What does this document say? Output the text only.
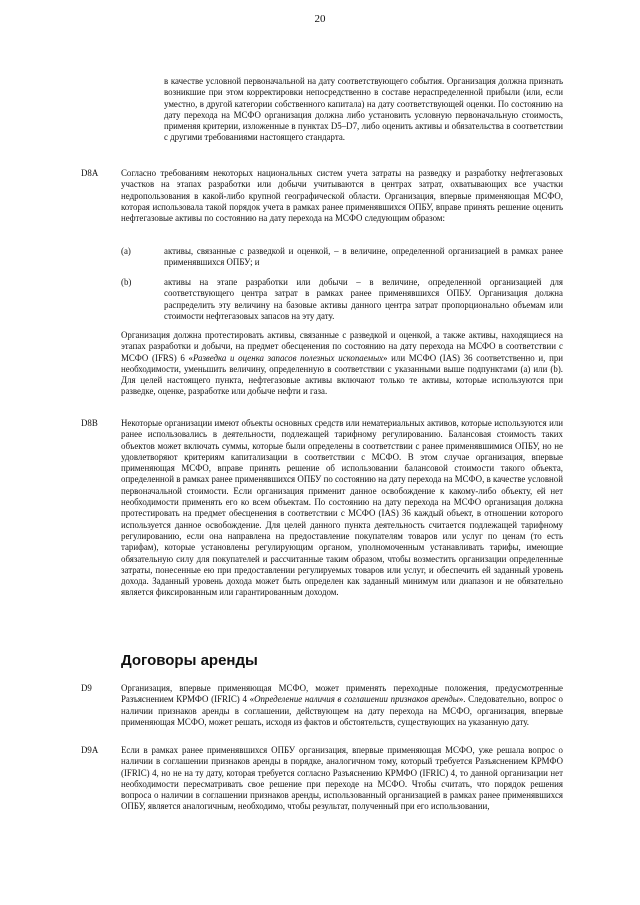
20

в качестве условной первоначальной на дату соответствующего события. Организация должна признать возникшие при этом корректировки непосредственно в составе нераспределенной прибыли (или, если уместно, в другой категории собственного капитала) на дату соответствующей оценки. По состоянию на дату перехода на МСФО организация должна либо установить условную первоначальную стоимость, применяя критерии, изложенные в пунктах D5–D7, либо оценить активы и обязательства в соответствии с другими требованиями настоящего стандарта.

D8A	Согласно требованиям некоторых национальных систем учета затраты на разведку и разработку нефтегазовых участков на этапах разработки или добычи учитываются в центрах затрат, охватывающих все участки недропользования в какой-либо крупной географической области. Организация, впервые применяющая МСФО, которая использовала такой порядок учета в рамках ранее применявшихся ОПБУ, вправе принять решение оценить нефтегазовые активы по состоянию на дату перехода на МСФО следующим образом:

(a)	активы, связанные с разведкой и оценкой, – в величине, определенной организацией в рамках ранее применявшихся ОПБУ; и

(b)	активы на этапе разработки или добычи – в величине, определенной организацией для соответствующего центра затрат в рамках ранее применявшихся ОПБУ. Организация должна распределить эту величину на базовые активы данного центра затрат пропорционально объемам или стоимости нефтегазовых запасов на эту дату.

Организация должна протестировать активы, связанные с разведкой и оценкой, а также активы, находящиеся на этапах разработки и добычи, на предмет обесценения по состоянию на дату перехода на МСФО в соответствии с МСФО (IFRS) 6 «Разведка и оценка запасов полезных ископаемых» или МСФО (IAS) 36 соответственно и, при необходимости, уменьшить величину, определенную в соответствии с указанными выше подпунктами (a) или (b). Для целей настоящего пункта, нефтегазовые активы включают только те активы, которые используются при разведке, оценке, разработке или добыче нефти и газа.

D8B	Некоторые организации имеют объекты основных средств или нематериальных активов, которые используются или ранее использовались в деятельности, подлежащей тарифному регулированию. Балансовая стоимость таких объектов может включать суммы, которые были определены в соответствии с ранее применявшимися ОПБУ, но не удовлетворяют критериям капитализации в соответствии с МСФО. В этом случае организация, впервые применяющая МСФО, вправе принять решение об использовании балансовой стоимости такого объекта, определенной в рамках ранее применявшихся ОПБУ по состоянию на дату перехода на МСФО, в качестве условной первоначальной стоимости. Если организация применит данное освобождение к какому-либо объекту, ей нет необходимости применять его ко всем объектам. По состоянию на дату перехода на МСФО организация должна протестировать на предмет обесценения в соответствии с МСФО (IAS) 36 каждый объект, в отношении которого используется данное освобождение. Для целей данного пункта деятельность считается подлежащей тарифному регулированию, если она направлена на предоставление покупателям товаров или услуг по ценам (то есть тарифам), которые установлены регулирующим органом, уполномоченным устанавливать тарифы, имеющие обязательную силу для покупателей и рассчитанные таким образом, чтобы возместить организации определенные затраты, понесенные ею при предоставлении регулируемых товаров или услуг, и обеспечить ей заданный уровень дохода. Заданный уровень дохода может быть определен как заданный минимум или диапазон и не обязательно является фиксированным или гарантированным доходом.

Договоры аренды
D9	Организация, впервые применяющая МСФО, может применять переходные положения, предусмотренные Разъяснением КРМФО (IFRIC) 4 «Определение наличия в соглашении признаков аренды». Следовательно, вопрос о наличии признаков аренды в соглашении, действующем на дату перехода на МСФО, организация, впервые применяющая МСФО, может решать, исходя из фактов и обстоятельств, существующих на указанную дату.

D9A	Если в рамках ранее применявшихся ОПБУ организация, впервые применяющая МСФО, уже решала вопрос о наличии в соглашении признаков аренды в порядке, аналогичном тому, который требуется Разъяснением КРМФО (IFRIC) 4, но не на ту дату, которая требуется согласно Разъяснению КРМФО (IFRIC) 4, то данной организации нет необходимости пересматривать свое решение при переходе на МСФО. Чтобы считать, что порядок решения вопроса о наличии в соглашении признаков аренды, использованный организацией в рамках ранее применявшихся ОПБУ, является аналогичным, необходимо, чтобы результат, полученный при его использовании,
